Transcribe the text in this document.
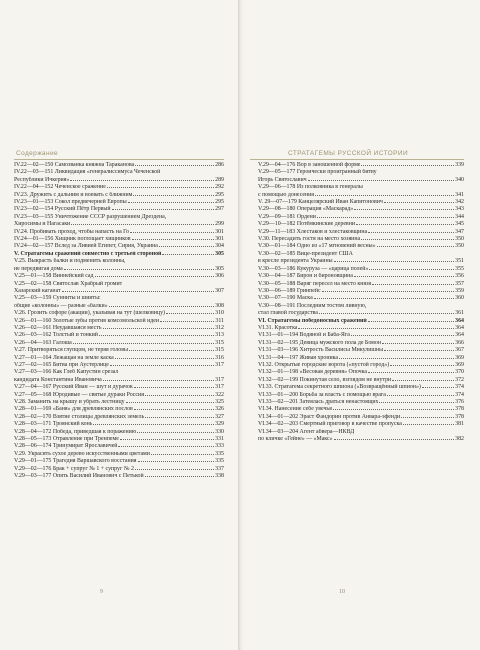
Содержание
IV.22—02—150 Самозванка княжна Тараканова	286
IV.22—03—151 Ликвидация «генералиссимуса Чеченской
Республики Ичкерия»	289
IV.22—04—152 Чеченское сражение	292
IV.23. Дружить с дальним и воевать с ближним	295
IV.23—01—153 Сокол предвечерней Европы	295
IV.23—02—154 Русский Пётр Первый	297
IV.23—03—155 Уничтожение СССР разрушением Дрездена,
Хиросимы и Нагасаки	299
IV.24. Пробивать проход, чтобы напасть на Го	301
IV.24—01—156 Хищник поглощает хищников	301
IV.24—02—157 Вслед за Ливией Египет, Сирия, Украина	304
V. Стратагемы сражений совместно с третьей стороной	305
V.25. Выкрасть балки и подменить колонны,
не передвигая дома	305
V.25—01—158 Виннейский сад	306
V.25—02—158 Святослав Храбрый громит
Хазарский каганат	307
V.25—03—159 Сунниты и шииты:
общие «колонны» — разные «балки»	308
V.26. Грозить софоре (акации), указывая на тут (шелковицу)	310
V.26—01—160 Золотые зубы против комсомольской идеи	311
V.26—02—161 Неудавшаяся месть	312
V.26—03—162 Толстый и тонкий	313
V.26—04—163 Галоша	315
V.27. Притворяться глупцом, не теряя головы	315
V.27—01—164 Лежащая на земле каска	316
V.27—02—165 Битва при Аустерлице	317
V.27—03—166 Как Глеб Капустин срезал
кандидата Константина Ивановича	317
V.27—04—167 Русский Иван — шут и дурачок	317
V.27—05—168 Юродивые — святые дураки России	322
V.28. Заманить на крышу и убрать лестницу	325
V.28—01—169 «Баня» для древлянских послов	326
V.28—02—170 Взятие столицы древлянских земель	327
V.28—03—171 Троянский конь	329
V.28—04—172 Победа, приведшая к поражению	330
V.28—05—173 Отравление при Тренпеме	331
V.28—06—174 Тринумират Ярославичей	333
V.29. Украсить сухое дерево искусственными цветами	335
V.29—01—175 Трагедия Варшавского восстания	335
V.29—02—176 Брак + супруг № 1 + супруг № 2	337
V.29—03—177 Опять Василий Иванович с Петькой	338
9
СТРАТАГЕМЫ РУССКОЙ ИСТОРИИ
V.29—04—176 Вор в заношенной форме	339
V.29—05—177 Героически проигранный битву
Игорь Святославич	340
V.29—06—178 Из полковника в генералы
с помощью донесения	341
V. 29—07—179 Канцелярский Иван Капитонович	342
V.29—08—180 Операция «Маскарад»	343
V.29—09—181 Ордени	344
V.29—10—182 Потёмкинские деревни	345
V.29—11—183 Хлестаков и хлестаковщина	347
V.30. Пересадить гостя на место хозяина	350
V.30—01—184 Одно из «17 мгновений весны»	350
V.30—02—185 Вице-президент США
в кресле президента Украины	351
V.30—03—186 Кукуруза — «царица полей»	355
V.30—04—187 Бирон и бироновщина	356
V.30—05—188 Варяг пересел на место князя	357
V.30—06—189 Гринпейс	359
V.30—07—190 Маска	360
V.30—08—191 Последним тостом ливную,
стал главой государства	361
VI. Стратагемы победоносных сражений	364
VI.31. Красотка	364
VI.31—01—194 Водяной и Баба-Яга	364
VI.31—02—195 Девица мужского пола де Бомон	366
VI.31—03—196 Хитрость Василисы Микулишны	367
VI.31—04—197 Живая хроника	369
VI.32. Открытые городские ворота («пустой город»)	369
VI.32—01—198 «Весовая деревня» Опочка	370
VI.32—02—199 Покинутая село, взглядом не внутри	372
VI.33. Стратагема секретного шпиона («Возвращённый шпион»)	374
VI.33—01—200 Борьба за власть с помощью врага	374
VI.33—02—201 Затеялась драться ненастоящих	376
VI.34. Нанесение себе увечья	378
VI.34—01—202 Эраст Фандорин против Анвара-эфенди	378
VI.34—02—203 Смертный приговор в качестве пропуска	381
VI.34—03—204 Агент абвера—НКВД
по кличке «Гейне» — «Макс»	382
10
